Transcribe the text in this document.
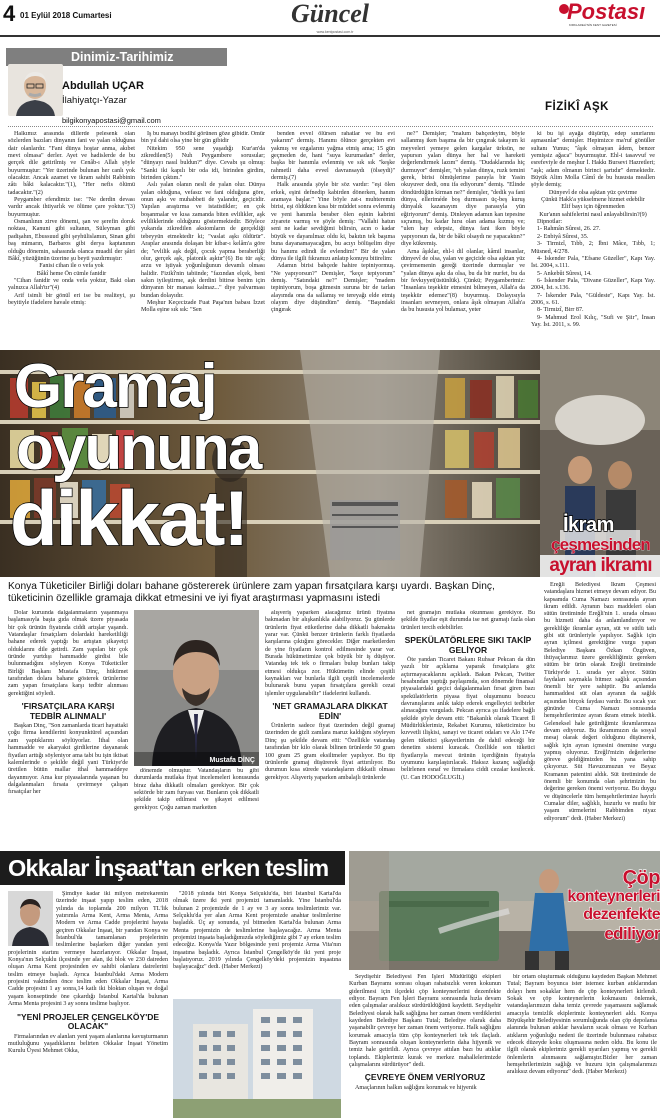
4 01 Eylül 2018 Cumartesi	Güncel
www.kentpostasi.com.tr
Postası
KIRKLARELİ'NİN KENT GAZETESİ
Dinimiz-Tarihimiz
Abdullah UÇAR
İlahiyatçı-Yazar
bilgikonyapostasi@gmail.com
FİZİKÎ AŞK

Halkımız arasında dillerde pelesenk olan sözlerden bazıları dinyanın fani ve yalan olduğuna dair olanlardır. "Fani dünya hoştar anma, akıbet mevt olmasa" derler. Ayet ve hadislerde de bu gerçek dile getirilmiş ve Cenâb-ı Allah şöyle buyurmuştur: "Yer üzerinde bulunan her canlı yok olacaktır. Ancak azamet ve ikram sahibi Rabbinin zâtı bâki kalacaktır."(1), "Her nefis ölümü tadacaktır."(2)

Peygamber efendimiz ise: "Ne derdin devası vardır ancak ihtiyarlık ve ölüme çare yoktur."(3) buyurmuştur.

Osmanlının zirve dönemi, şan ve şerefin doruk noktası, Kanuni gibi sultanın, Süleyman gibi padişahın, Ebussuud gibi şeyhülislamın, Sinan gibi baş mimarın, Barbaros gibi derya kaptanının olduğu dönemin, sahasında olanca muadil der şâiri Bâkî, yüzüğünün üzerine şu beyti yazdırmıştır:

Fanisi cihan ile o vefa yok

Bâkî heme Ön cümle fanidir

"Cihan fanidir ve onda vefa yoktur, Baki olan yalnızca Allah'tır"(4)

Arif isimli bir gönül eri ise bu realiteyi, şu beyitiyle ifadelere havale etmiş:

İş bu manayı bodlhî görünen göze gibidir. Ömür bin yıl dahi olsa yine bir gün gibidir

Nitekim 950 sene yaşadığı Kur'an'da zikredilen(5) Nuh Peygambere sorusular; "dünyayı nasıl buldun?" diye. Cevabı şu olmuş: "Sanki iki kapılı bir oda idi, birinden girdim, birinden çıktım."

Aslı yalan olanın nesli de yalan olur. Dünya yalan olduğuna, vefasız ve fani olduğuna göre, onun aşkı ve muhabbeti de yalandır, geçicidir. Yapılan araştırma ve istatistikler; en çok boşanmalar ve kısa zamanda biten evlilikler, aşk evliliklerinde olduğunu göstermektedir. Böylece yukarıda zikredilen aksiomların de gerçekliği tebeyyün etmektedir ki; "vaslat aşkı öldürür". Araplar arasında dolaşan bir kibar-ı kelâm'a göre de; "evlilik aşk değil, çocuk yapma beraberliği olur, gerçek aşk, platonik aşktır"(6) Bu tür aşk; arzu ve iştiyak yoğunluğunun devamlı olması halidir. Fizikî'nin tabiinde; "fazından elçek, beni sakın iyileştirme, aşk derdini bitirse benim için dünyanın bir manası kalmaz..." diye yalvarması bundan dolayıdır.

Meşhur Keçecizade Fuat Paşa'nın babası İzzet Molla eşine sık sık: "Sen

benden evvel ölürsen rahatlar ve bu evi yakarım" dermiş. Hanımı ölünce gerçekten evi yakmış ve ezgalarını yağma etmiş ama; 15 gün geçmeden de, hani "suya kurumadan" derler, başka bir hanımla evlenmiş ve sık sık "keşke rahmetli daha evvel davransaydı (ölseydi)" dermiş.(7)

Halk arasında şöyle bir söz vardır: "eşi ölen erkek, eşini defnedip kabirden dönerken, hanım aramaya başlar." Yine böyle zat-ı muhteremin birisi, eşi öldükten kısa bir müddet sonra evlenmiş ve yeni hanımla beraber ölen eşinin kabrini ziyarete varmış ve şöyle demiş: "Vallahi hatun seni ne kadar sevdiğimi bilirsin, acın o kadar büyük ve dayanılmaz oldu ki, bakıtın tek başıma buna dayanamayacağım, bu acıyı bölüşelim diye bu hanımı edindi ile evlendim!" Bir de yalan dünya ile ilgili fıkramızı anlatıp konuyu bitirelim:

Adamın birisi bahçede hahire tepiniyormuş. "Ne yapıyorsun?" Demişler, "keçe tepiyorum" demiş. "Satındaki ne?" Demişler; "madem tepiniyorum, boşa gitmesin suruna bir de tarlan alayımda ona da sallamış ve tereyağı elde etmiş olayım diye düşündüm" demiş. "Başındaki çingırak

ne?" Demişler; "malum bahçedeyim, böyle sallanmış iken başıma da bir çıngırak takayım ki meyveleri yemeye gelen kargalar ürksün, ne yapursın yalan dünya her hal ve hareketi değerlendirmek lazım" demiş. "Dudaklarında hiç durmuyor" demişler, "eh yalan dünya, ruzk temini gerek, birisi ölmüşlerime parayla bir Yasin okuyuver dedi, onu ifa ediyorum" demiş. "Elinde döndürdüğün kirman ne?" demişler, "dedik ya fani dünya, elleriméde boş durmasın üç-beş kuruş dünyalık kazanayım diye parasıyla yün eğiriyorum" demiş. Dinleyen adamın kan tepesine sıçramış, bu kadar hırsı olan adama kızmış ve; "ulen hay edepsiz, dünya fani iken böyle yapıyorsun da, bir de bâki olsaydı ne yapacaktın?" diye kükremiş.

Arna âşıklar, ehl-i dil olanlar, kâmil insanlar, dünyevî de olsa, yalan ve geçicide olsa aşktan yüz çevirmemenin gereği üzerinde durmuşlar ve "yalan dünya aşkı da olsa, bu da bir nurfet, bu da bir fevkıyyet(üstünlük). Çünkü; Peygamberimiz: "İnsanlara teşekkür etmesini bilmeyen, Allah'a da teşekkür edemez"(8) buyurmuş. Dolayısıyla insanları sevmeyen, onlara âşık olmayan Allah'a da bu hususta yol bulamaz, yeter

ki bu işi ayağa düşürüp, edep sınırlarını aşmasınlar" demişler. Hepimizce ma'ruf gönüller sultanı Yunus; "âşık olmayan âdem, benzer yemişsiz ağaca" buyurmuştur. Ehl-i tasavvuf ve esrefeviyle de meşhur İ. Hakkı Bursevi Hazretleri; "aşk; adam olmanın birinci şartıdır" demektedir. Büyük Alim Molla Câmî de bu hususta meallen şöyle demiş;

Dünyevî de olsa aşktan yüz çevirme

Çünkü Hakk'a yükselmene hizmet edebilir

Elif bayı için öğrenmeden

Kur'anın sahifelerini nasıl anlayabilirsin?(9)

Dipnotlar:

1- Rahmân Sûresi, 26. 27.

2- Enbiyâ Sûresi, 35.

3- Tirmizî, Tıbb, 2; İbni Mâce, Tıbb, 1; Müsned, 4/278.

4- İskender Pala, "Efsane Güzeller", Kapı Yay. İst. 2004, s.111.

5- Ankebût Sûresi, 14.

6- İskender Pala, "Divane Güzeller", Kapı Yay. 2004, İst. s.136.

7- İskender Pala, "Güldeste", Kapı Yay. İst. 2006, s. 61.

8- Tirmizî, Birr 87.

9- Mahmud Erol Kılıç, "Sufi ve Şiir", İnsan Yay. İst. 2011, s. 99.

Gramaj
oyununa
dikkat!	İkram
çeşmesinden
ayran ikramı

Ereğli Belediyesi İkram Çeşmesi vatandaşlara hizmet etmeye devam ediyor. Bu kapsamda Cuma Namazı sonrasında ayran ikram edildi. Ayranın bazı maddeleri olan sütün üretiminde Ereğli'nin 1. sırada olması bu hizmeti daha da anlamlandırıyor ve gerekliliğe ikramlar ayran, süt ve sütlü tatlı gibi süt ürünleriyle yapılıyor. Sağlık için ayran içilmesi gerektiğine vurgu yapan Belediye Başkanı Özkan Özgüven, ihtiyaçlarımız üzere gerekliliğimiz gereken sütüm bir ürün olarak Ereğli üretiminde Türkiye'de 1. sırada yer alıyor. Sütün faydaları saymakla bitmez sağlık açısından önemli bir yere sahiptir. Bu anlamda hammaddesi süt olan ayranın da sağlık açısından birçok faydası vardır. Bu sıcak yaz gününde Cuma Namazı sonrasında hemşehrilerimize ayran ikram etmek istedik. Geleneksel hale getirdiğimiz ikramlarımıza devam ediyoruz. Bu ikramımızın da sosyal mesaj olarak değeri olduğunu düşünerek, sağlık için ayran içmesini önemine vurgu yapmış oluyoruz. Ereğli'mizin değerlerine göreve geldiğimizden bu yana sahip çıkıyoruz. Süt Havuzumuzun ve Beyaz Kramanın patentini aldık. Süt üretiminde de önemli bir konumda olan şehrimizin bu değerine gereken önemi veriyoruz. Bu duygu ve düşüncelerle tüm hemşehrilerimize hayırlı Cumalar diler, sağlıklı, huzurlu ve mutlu bir yaşam sürmelerini Rabbimden niyaz ediyorum" dedi. (Haber Merkezi)

Konya Tüketiciler Birliği doları bahane göstererek ürünlere zam yapan fırsatçılara karşı uyardı. Başkan Dinç, tüketicinin özellikle gramaja dikkat etmesini ve iyi fiyat araştırması yapmasını istedi

Dolar kuruında dalgalanmaların yaşanmaya başlamasıyla başta gıda olmak üzere piyasada bir çok ürünün fiyatında ciddi artışlar yaşandı. Vatandaşlar fırsatçılarn dolardaki hareketliliği bahane ederek yaptığı bu artıştan şikayetçi olduklarını dile getirdi. Zam yapılan bir çok üründe yurtdışı hammadde girdisi bile bulunmadığını söyleyen Konya Tüketiciler Birliği Başkanı Mustafa Dinç, hükümet tarafından dolara bahane gösterek ürünlerine zam yapan fırsatçılara karşı tedbir alınması gerektiğini söyledi.

'FIRSATÇILARA KARŞI TEDBİR ALINMALI'

Başkan Dinç, "Son zamanlarda ticari hayattaki çoğu firma kendilerini konyunktürel açısından zam yaptıklarını söylüyorlar. İthal olan hammadde ve akaryakıt girdilerine dayanarak fiyatları arttığı söyleniyor ama tabi bu işin iktisat kalemlerinde o şekilde değil yani Türkiye'de üretilen bütün mallar ithal hammaddeye dayanmıyor. Ama kur piyasalarında yaşanan bu dalgalanmaları fırsata çevirmeye çalışan fırsatçılar her

Mustafa DİNÇ

dönemde olmuştur. Vatandaşların bu gibi durumlarda mutlaka fiyat incelemeleri konusunda biraz daha dikkatli olmaları gerekiyor. Bir çok sektörde bir zam furyası var. Bunların çok dikkatli şekilde takip edilmesi ve şikayet edilmesi gerekiyor. Çoğu zaman marketten

alışveriş yaparken alacağımız ürünü fiyatına bakmadan bir alışkanlıkla alabiliyoruz. Şu günlerde ürünlerin fiyat etiketlerine daha dikkatli bakmakta yarar var. Çünkü benzer ürünlerin farklı fiyatlarda karşılarına çıktığını görecekler. Diğer marketlerden de yine fiyatların kontrol edilmesinde yarar var. Burada hükümetimize çok büyük bir iş düşüyor. Vatandaş tek tek o firmaları bulup bunları takip etmesi oldukça zor. Hükümetin elinde çeşitli kaynakları var bunlarla ilgili çeşitli incelemelerde bulunarak bunu yapan fırsatçılara gerekli cezai işlemler uygulanabilir" ifadelerini kullandı.

'NET GRAMAJLARA DİKKAT EDİN'

Ürünlerin sadece fiyat üzerinden değil gramaj üzerinden de gizli zamlara maruz kaldığını söyleyen Dinç şu şekilde devam etti: "Özellikle vatandaş tarafından bir kilo olarak bilinen ürünlerde 50 gram 100 gram 25 gram eksiltmeler yapılıyor. Bu tip ürünlerde gramaj düşürerek fiyat arttırılıyor. Bu durumun kısa sürede vatandaşların dikkatli olması gerekiyor. Alışveriş yaparken ambalajlı ürünlerde

net gramajın mutlaka okunması gerekiyor. Bu şekilde fiyatlar eşit durumda ise net gramajı fazla olan ürünleri tercih edebilirler.

SPEKÜLATÖRLERE SIKI TAKİP GELİYOR

Öte yandan Ticaret Bakanı Ruhsar Pekcan da dün yazılı bir açıklama yaparak fırsatçılara göz açtırmayacaklarını açıkladı. Bakan Pekcan, Twitter hesabından yaptığı paylaşımda, son dönemde finansal piyasalardaki geçici dalgalanmaları fırsat giren bazı spekülatörlerin piyasa fiyat oluşumunu bozucu davranışlarını anlık takip ederek engelleyici tedbirler alınacağını vurguladı. Pekcan ayrıca şu ifadelere bağlı şekilde şöyle devam etti: "Bakanlık olarak Ticaret İl Müdürlüklerimiz, Rekabet Kurumu, tüketicimize bu kuvvetli ilişkisi, sanayi ve ticaret odaları ve Alo 174'e gelen tüketici şikayetlerinin de dahil edeceği bir denetim sistemi kuracak. Özellikle son tüketici fiyatlarıyla mevcut ürünün içerdiğinin fiyatıyla uyumunu karşılaştırılacak. Haksız kazanç sağladığı belirlenen esnaf ve firmalara ciddi cezalar kesilecek. (U. Can HODOĞLUGİL)

Okkalar İnşaat'tan erken teslim

Şimdiye kadar iki milyon metrekarenin üzerinde inşaat yapıp teslim eden, 2018 yılında da toplamda 200 milyon TL'lik yatırımla Arma Kent, Arma Menta, Arma Modern ve Arma Cadde projelerini hayata geçiren Okkalar İnşaat, bir yandan Konya ve İstanbul'da tamamlanan projelerinin teslimlerine başlarken diğer yandan yeni projelerinin startını vermeye hazırlanıyor. Okkalar İnşaat, Konya'nın Selçuklu ilçesinde yer alan, iki blok ve 230 daireden oluşan Arma Kent projesinden ev sahibi olanlara dairelerini teslim etmeye başladı. Ayrıca İstanbul'daki Arma Modern projesini vaktinden önce teslim eden Okkalar İnşaat, Arma Cadde projesini 1 ay sonra,14 katlı iki bloktan oluşan ve doğal yaşam konseptinde öne çıkardığı İstanbul Kartal'da bulunan Arma Menta projesini 3 ay sonra teslime başlıyor.

"YENİ PROJELER ÇENGELKÖY'DE OLACAK"

Firmalarından ev alanları yeni yaşam alanlarına kavuşturmanın mutluluğunu yaşadıklarını belirten Okkalar İnşaat Yönetim Kurulu Üyesi Mehmet Okka,

"2018 yılında biri Konya Selçuklu'da, biri İstanbul Kartal'da olmak üzere iki yeni projemizi tamamladık. Yine İstanbul'da bulunan 2 projemizde de 1 ay ve 3 ay sonra teslimlerimiz var. Selçuklu'da yer alan Arma Kent projemizde anahtar teslimlerine başladık. Üç ay sonunda, yıl bitmeden Kartal'da bulunan Arma Menta projemizin de teslimlerine başlayacağız. Arma Menta projemizi inşaata başladığımızda söylediğimiz gibi 7 ay erken teslim edeceğiz. Konya'da Yazır bölgesinde yeni projemiz Arma Vita'nın inşaatına başladık. Ayrıca İstanbul Çengelköy'de iki yeni proje başlatıyoruz. 2019 yılında Çengelköy'deki projemizin inşaatına başlayacağız" dedi. (Haber Merkezi)

Çöp
konteynerleri
dezenfekte
ediliyor

Seydişehir Belediyesi Fen İşleri Müdürlüğü ekipleri Kurban Bayramı sonrası oluşan rahatsızlık veren kokunun giderilmesi için ilçedeki çöp konteynerlerini dezenfekte ediyor. Bayram Fen İşleri Bayramı sonrasında hızla devam eden çalışmalar aralıksız sürdürüldüğünü kaydetti. Seydişehir Belediyesi olarak halk sağlığına her zaman önem verdiklerini kaydeden Belediye Başkanı Tutal; Belediye olarak daha yaşanabilir çevreye her zaman önem veriyoruz. Halk sağlığını korumak amacıyla tüm çöp konteynerleri tek tek ilaçladı. Bayram sonrasında oluşan konteynerlerin daha hijyenik ve temiz hale getirildi. Ayrıca çevreye attılan bazı bu atıklar toplandı. Ekiplerimiz kurak ve merkez mahallelerimizde çalışmalarını sürdürüyor" dedi.

ÇEVREYE ÖNEM VERİYORUZ

Amaçlarının halkın sağlığını korumak ve hijyenik

bir ortam oluşturmak olduğunu kaydeden Başkan Mehmet Tutal; Bayram boyunca ister istemez kurban atıklarından dolayı hem sokaklar hem de çöp konteynerleri kirlendi. Sokak ve çöp konteynerlerin kokmasını önlemek, vatandaşlarımızın daha temiz çevrede yaşamasını sağlamak amacıyla temizlik ekiplerimiz konteynerleri aldı. Konya Büyükşehir Belediyesinin sorumluğunda olan çöp depolama alanında bulunan atıklar havaların sıcak olması ve Kurban atıkların yoğunluğu nedeni ile üzerinde bulunması rahatsız edecek düzeyde koku oluşmasına neden oldu. Bu konu ile ilgili olarak ekiplerimiz gerekli uyarıları yapmış ve gerekli önlemlerin alınmasını sağlamıştır.Bizler her zaman hemşehrilerimizin sağlığı ve huzuru için çalışmalarımızı aralıksız devam ediyoruz" dedi. (Haber Merkezi)
